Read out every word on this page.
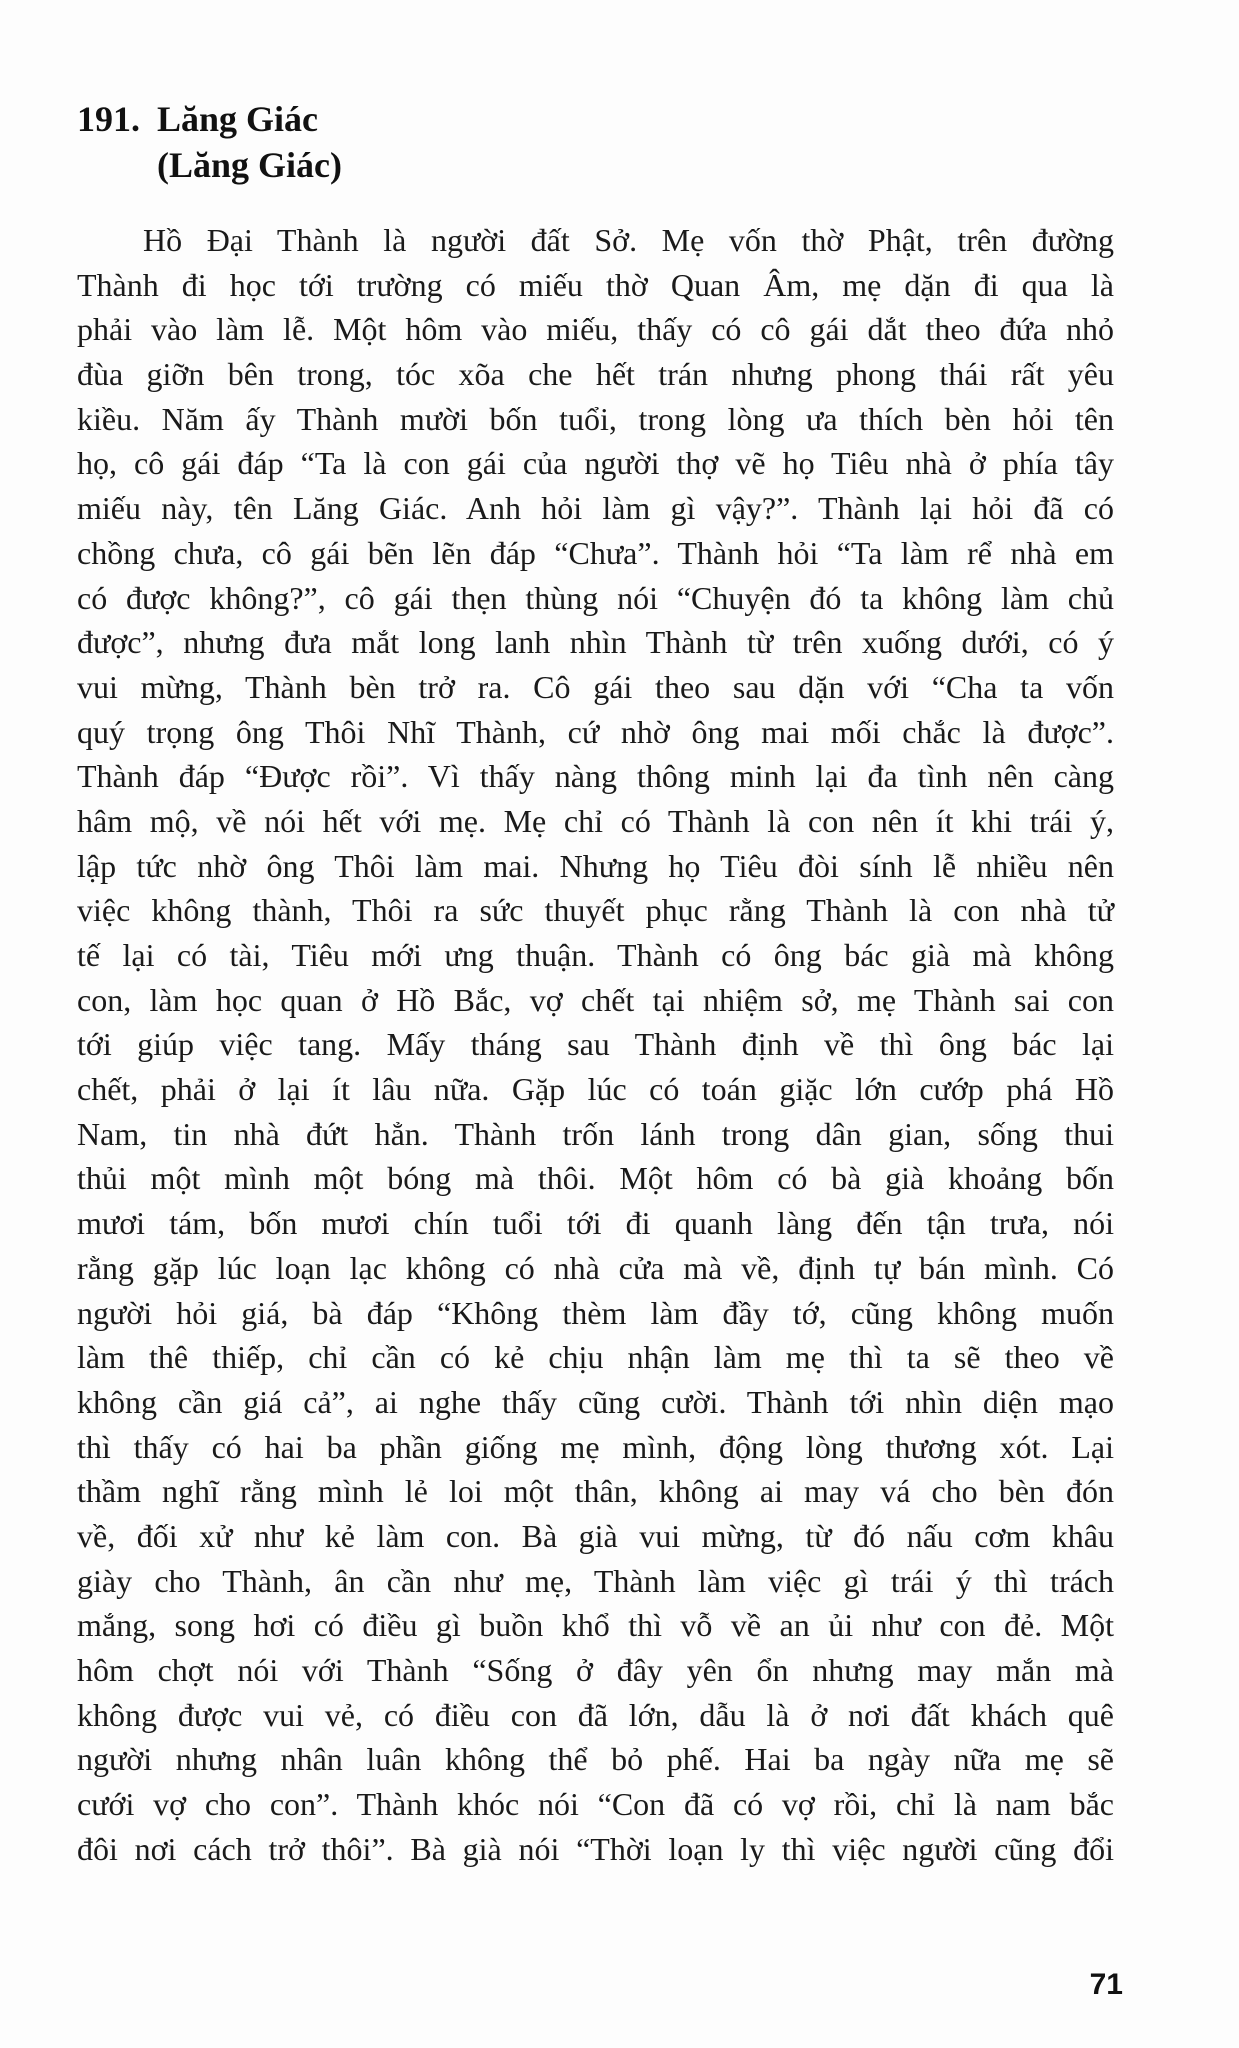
191. Lăng Giác
(Lăng Giác)
Hồ Đại Thành là người đất Sở. Mẹ vốn thờ Phật, trên đường
Thành đi học tới trường có miếu thờ Quan Âm, mẹ dặn đi qua là
phải vào làm lễ. Một hôm vào miếu, thấy có cô gái dắt theo đứa nhỏ
đùa giỡn bên trong, tóc xõa che hết trán nhưng phong thái rất yêu
kiều. Năm ấy Thành mười bốn tuổi, trong lòng ưa thích bèn hỏi tên
họ, cô gái đáp “Ta là con gái của người thợ vẽ họ Tiêu nhà ở phía tây
miếu này, tên Lăng Giác. Anh hỏi làm gì vậy?”. Thành lại hỏi đã có
chồng chưa, cô gái bẽn lẽn đáp “Chưa”. Thành hỏi “Ta làm rể nhà em
có được không?”, cô gái thẹn thùng nói “Chuyện đó ta không làm chủ
được”, nhưng đưa mắt long lanh nhìn Thành từ trên xuống dưới, có ý
vui mừng, Thành bèn trở ra. Cô gái theo sau dặn với “Cha ta vốn
quý trọng ông Thôi Nhĩ Thành, cứ nhờ ông mai mối chắc là được”.
Thành đáp “Được rồi”. Vì thấy nàng thông minh lại đa tình nên càng
hâm mộ, về nói hết với mẹ. Mẹ chỉ có Thành là con nên ít khi trái ý,
lập tức nhờ ông Thôi làm mai. Nhưng họ Tiêu đòi sính lễ nhiều nên
việc không thành, Thôi ra sức thuyết phục rằng Thành là con nhà tử
tế lại có tài, Tiêu mới ưng thuận. Thành có ông bác già mà không
con, làm học quan ở Hồ Bắc, vợ chết tại nhiệm sở, mẹ Thành sai con
tới giúp việc tang. Mấy tháng sau Thành định về thì ông bác lại
chết, phải ở lại ít lâu nữa. Gặp lúc có toán giặc lớn cướp phá Hồ
Nam, tin nhà đứt hẳn. Thành trốn lánh trong dân gian, sống thui
thủi một mình một bóng mà thôi. Một hôm có bà già khoảng bốn
mươi tám, bốn mươi chín tuổi tới đi quanh làng đến tận trưa, nói
rằng gặp lúc loạn lạc không có nhà cửa mà về, định tự bán mình. Có
người hỏi giá, bà đáp “Không thèm làm đầy tớ, cũng không muốn
làm thê thiếp, chỉ cần có kẻ chịu nhận làm mẹ thì ta sẽ theo về
không cần giá cả”, ai nghe thấy cũng cười. Thành tới nhìn diện mạo
thì thấy có hai ba phần giống mẹ mình, động lòng thương xót. Lại
thầm nghĩ rằng mình lẻ loi một thân, không ai may vá cho bèn đón
về, đối xử như kẻ làm con. Bà già vui mừng, từ đó nấu cơm khâu
giày cho Thành, ân cần như mẹ, Thành làm việc gì trái ý thì trách
mắng, song hơi có điều gì buồn khổ thì vỗ về an ủi như con đẻ. Một
hôm chợt nói với Thành “Sống ở đây yên ổn nhưng may mắn mà
không được vui vẻ, có điều con đã lớn, dẫu là ở nơi đất khách quê
người nhưng nhân luân không thể bỏ phế. Hai ba ngày nữa mẹ sẽ
cưới vợ cho con”. Thành khóc nói “Con đã có vợ rồi, chỉ là nam bắc
đôi nơi cách trở thôi”. Bà già nói “Thời loạn ly thì việc người cũng đổi
71
